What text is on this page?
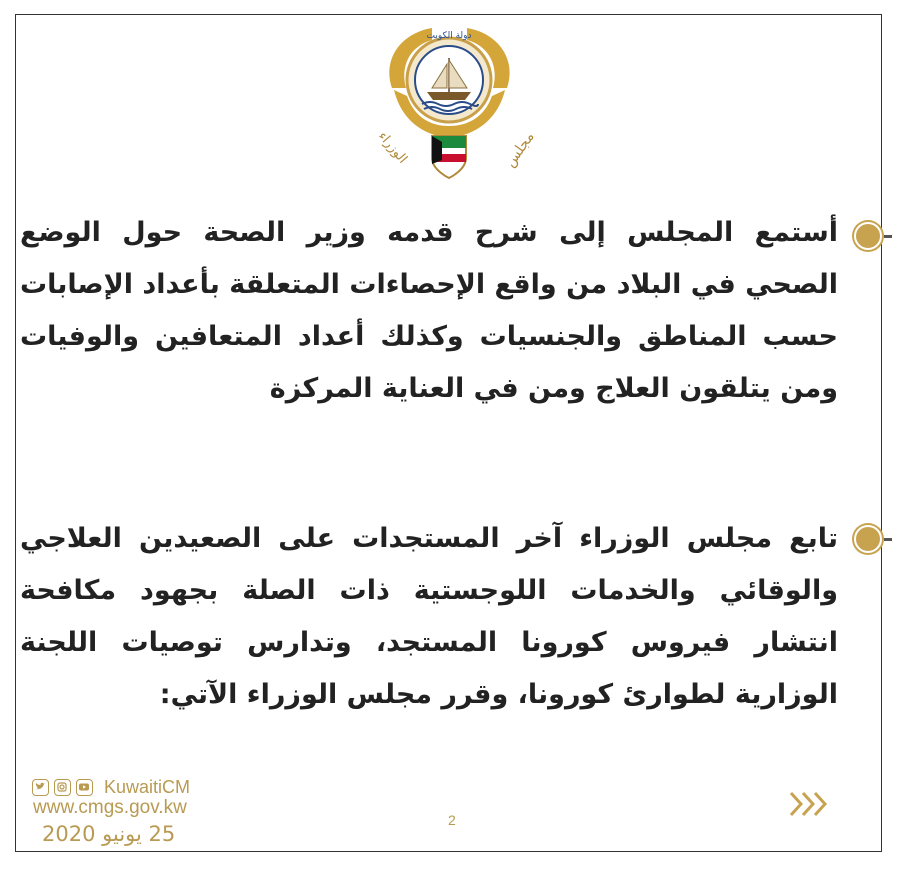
مجلس
الوزراء
دولة الكويت

أستمع المجلس إلى شرح قدمه وزير الصحة حول الوضع الصحي في البلاد من واقع الإحصاءات المتعلقة بأعداد الإصابات حسب المناطق والجنسيات وكذلك أعداد المتعافين والوفيات ومن يتلقون العلاج ومن في العناية المركزة

تابع مجلس الوزراء آخر المستجدات على الصعيدين العلاجي والوقائي والخدمات اللوجستية ذات الصلة بجهود مكافحة انتشار فيروس كورونا المستجد، وتدارس توصيات اللجنة الوزارية لطوارئ كورونا، وقرر مجلس الوزراء الآتي:

KuwaitiCM
www.cmgs.gov.kw
25 يونيو 2020
2
